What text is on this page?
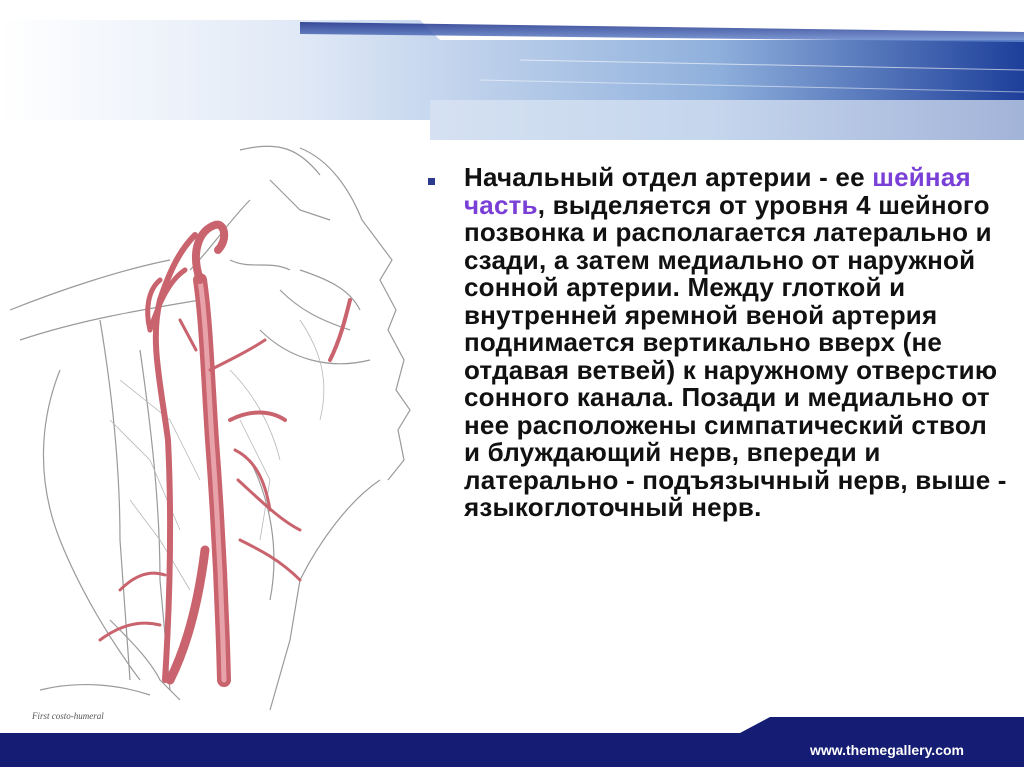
First costo-humeral

Начальный отдел артерии - ее шейная часть, выделяется от уровня 4 шейного позвонка и располагается латерально и сзади, а затем медиально от наружной сонной артерии. Между глоткой и внутренней яремной веной артерия поднимается вертикально вверх (не отдавая ветвей) к наружному отверстию сонного канала. Позади и медиально от нее расположены симпатический ствол и блуждающий нерв, впереди и латерально - подъязычный нерв, выше - языкоглоточный нерв.

www.themegallery.com
